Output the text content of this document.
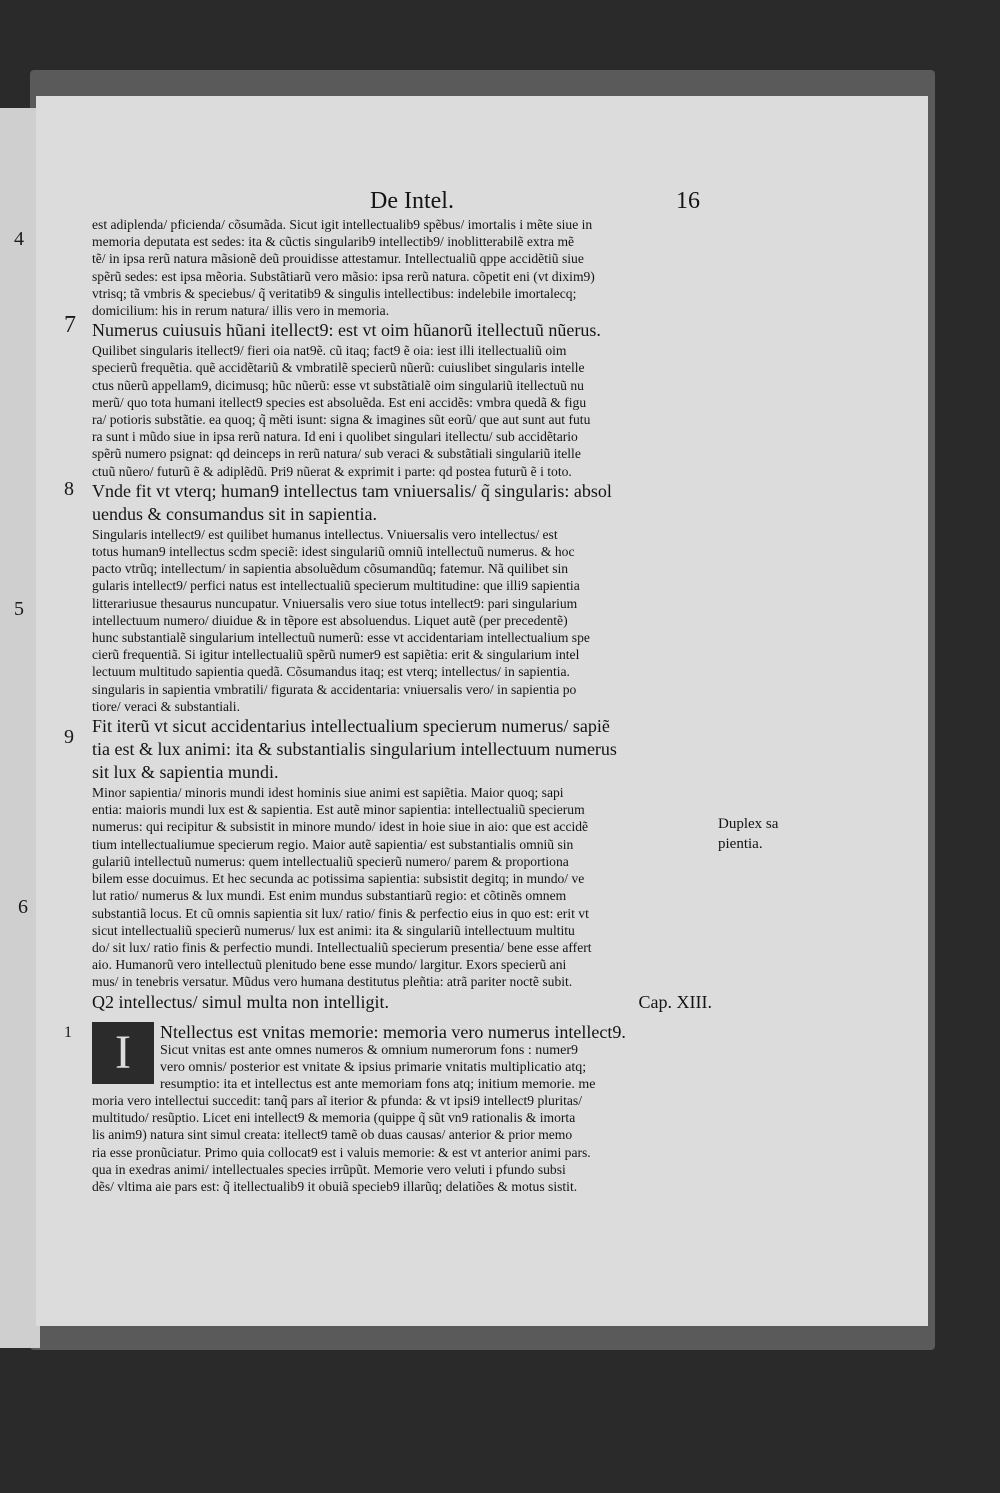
De Intel.	16
4
7
8
5
9
6
1

est adiplenda/ pficienda/ cõsumãda. Sicut igit intellectualib9 spẽbus/ imortalis i mẽte siue in

memoria deputata est sedes: ita & cũctis singularib9 intellectib9/ inoblitterabilẽ extra mẽ

tẽ/ in ipsa rerũ natura mãsionẽ deũ prouidisse attestamur. Intellectualiũ qppe accidẽtiũ siue

spẽrũ sedes: est ipsa mẽoria. Substãtiarũ vero mãsio: ipsa rerũ natura. cõpetit eni (vt dixim9)

vtrisq; tã vmbris & speciebus/ q̃ veritatib9 & singulis intellectibus: indelebile imortalecq;

domicilium: his in rerum natura/ illis vero in memoria.

Numerus cuiusuis hũani itellect9: est vt oim hũanorũ itellectuũ nũerus.

Quilibet singularis itellect9/ fieri oia nat9ẽ. cũ itaq; fact9 ẽ oia: iest illi itellectualiũ oim

specierũ frequẽtia. quẽ accidẽtariũ & vmbratilẽ specierũ nũerũ: cuiuslibet singularis intelle

ctus nũerũ appellam9, dicimusq; hũc nũerũ: esse vt substãtialẽ oim singulariũ itellectuũ nu

merũ/ quo tota humani itellect9 species est absoluẽda. Est eni accidẽs: vmbra quedã & figu

ra/ potioris substãtie. ea quoq; q̃ mẽti isunt: signa & imagines sũt eorũ/ que aut sunt aut futu

ra sunt i mũdo siue in ipsa rerũ natura. Id eni i quolibet singulari itellectu/ sub accidẽtario

spẽrũ numero psignat: qd deinceps in rerũ natura/ sub veraci & substãtiali singulariũ itelle

ctuũ nũero/ futurũ ẽ & adiplẽdũ. Pri9 nũerat & exprimit i parte: qd postea futurũ ẽ i toto.

Vnde fit vt vterq; human9 intellectus tam vniuersalis/ q̃ singularis: absol

uendus & consumandus sit in sapientia.

Singularis intellect9/ est quilibet humanus intellectus. Vniuersalis vero intellectus/ est

totus human9 intellectus scdm speciẽ: idest singulariũ omniũ intellectuũ numerus. & hoc

pacto vtrũq; intellectum/ in sapientia absoluẽdum cõsumandũq; fatemur. Nã quilibet sin

gularis intellect9/ perfici natus est intellectualiũ specierum multitudine: que illi9 sapientia

litterariusue thesaurus nuncupatur. Vniuersalis vero siue totus intellect9: pari singularium

intellectuum numero/ diuidue & in tẽpore est absoluendus. Liquet autẽ (per precedentẽ)

hunc substantialẽ singularium intellectuũ numerũ: esse vt accidentariam intellectualium spe

cierũ frequentiã. Si igitur intellectualiũ spẽrũ numer9 est sapiẽtia: erit & singularium intel

lectuum multitudo sapientia quedã. Cõsumandus itaq; est vterq; intellectus/ in sapientia.

singularis in sapientia vmbratili/ figurata & accidentaria: vniuersalis vero/ in sapientia po

tiore/ veraci & substantiali.

Fit iterũ vt sicut accidentarius intellectualium specierum numerus/ sapiẽ

tia est & lux animi: ita & substantialis singularium intellectuum numerus

sit lux & sapientia mundi.

Minor sapientia/ minoris mundi idest hominis siue animi est sapiẽtia. Maior quoq; sapi

entia: maioris mundi lux est & sapientia. Est autẽ minor sapientia: intellectualiũ specierum

numerus: qui recipitur & subsistit in minore mundo/ idest in hoie siue in aio: que est accidẽ

tium intellectualiumue specierum regio. Maior autẽ sapientia/ est substantialis omniũ sin

gulariũ intellectuũ numerus: quem intellectualiũ specierũ numero/ parem & proportiona

bilem esse docuimus. Et hec secunda ac potissima sapientia: subsistit degitq; in mundo/ ve

lut ratio/ numerus & lux mundi. Est enim mundus substantiarũ regio: et cõtinẽs omnem

substantiã locus. Et cũ omnis sapientia sit lux/ ratio/ finis & perfectio eius in quo est: erit vt

sicut intellectualiũ specierũ numerus/ lux est animi: ita & singulariũ intellectuum multitu

do/ sit lux/ ratio finis & perfectio mundi. Intellectualiũ specierum presentia/ bene esse affert

aio. Humanorũ vero intellectuũ plenitudo bene esse mundo/ largitur. Exors specierũ ani

mus/ in tenebris versatur. Mũdus vero humana destitutus pleñtia: atrã pariter noctẽ subit.

Q2 intellectus/ simul multa non intelligit.	Cap. XIII.

I	Ntellectus est vnitas memorie: memoria vero numerus intellect9.

Sicut vnitas est ante omnes numeros & omnium numerorum fons : numer9

vero omnis/ posterior est vnitate & ipsius primarie vnitatis multiplicatio atq;

resumptio: ita et intellectus est ante memoriam fons atq; initium memorie. me

moria vero intellectui succedit: tanq̃ pars aĩ iterior & pfunda: & vt ipsi9 intellect9 pluritas/

multitudo/ resũptio. Licet eni intellect9 & memoria (quippe q̃ sũt vn9 rationalis & imorta

lis anim9) natura sint simul creata: itellect9 tamẽ ob duas causas/ anterior & prior memo

ria esse pronũciatur. Primo quia collocat9 est i valuis memorie: & est vt anterior animi pars.

qua in exedras animi/ intellectuales species irrũpũt. Memorie vero veluti i pfundo subsi

dẽs/ vltima aie pars est: q̃ itellectualib9 it obuiã specieb9 illarũq; delatiões & motus sistit.

Duplex sa
pientia.
